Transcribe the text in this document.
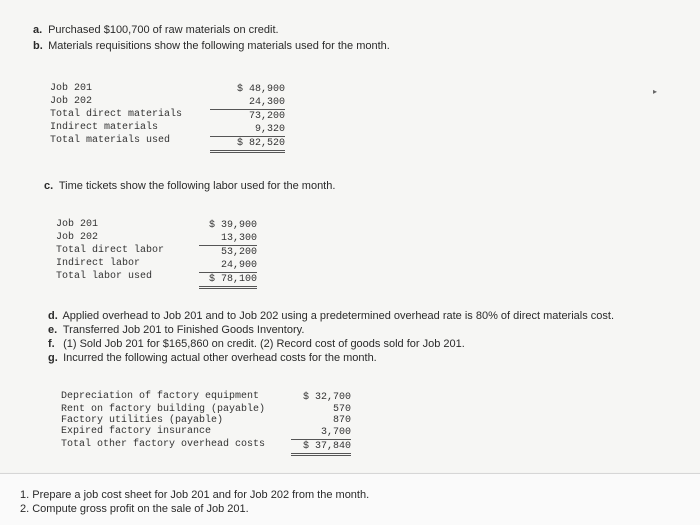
a. Purchased $100,700 of raw materials on credit.
b. Materials requisitions show the following materials used for the month.
Job 201
Job 202
Total direct materials
Indirect materials
Total materials used
$ 48,900
24,300
73,200
9,320
$ 82,520
c. Time tickets show the following labor used for the month.
Job 201
Job 202
Total direct labor
Indirect labor
Total labor used
$ 39,900
13,300
53,200
24,900
$ 78,100
d. Applied overhead to Job 201 and to Job 202 using a predetermined overhead rate is 80% of direct materials cost.
e. Transferred Job 201 to Finished Goods Inventory.
f. (1) Sold Job 201 for $165,860 on credit. (2) Record cost of goods sold for Job 201.
g. Incurred the following actual other overhead costs for the month.
Depreciation of factory equipment
Rent on factory building (payable)
Factory utilities (payable)
Expired factory insurance
Total other factory overhead costs
$ 32,700
570
870
3,700
$ 37,840
▸
1. Prepare a job cost sheet for Job 201 and for Job 202 from the month.
2. Compute gross profit on the sale of Job 201.
